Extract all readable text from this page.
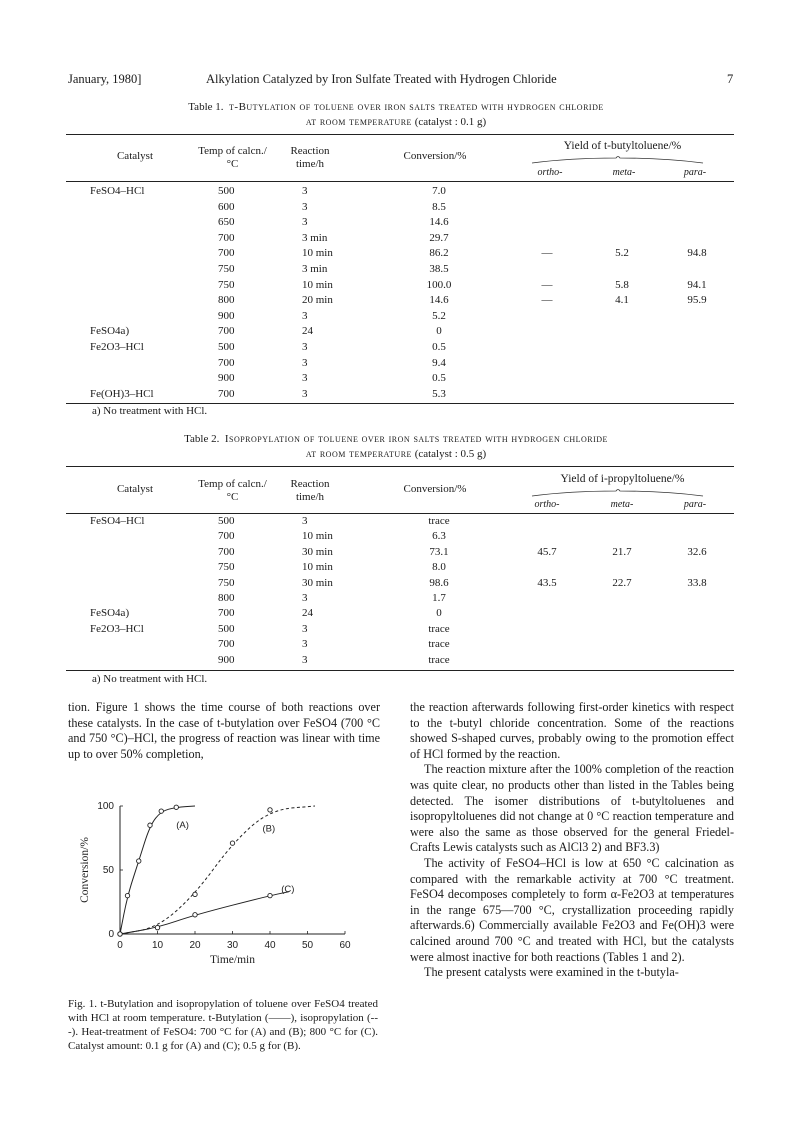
January, 1980]	Alkylation Catalyzed by Iron Sulfate Treated with Hydrogen Chloride	7
Table 1. t-Butylation of toluene over iron salts treated with hydrogen chloride
at room temperature (catalyst : 0.1 g)
Catalyst	Temp of calcn./°C
Reaction time/h
Conversion/%
Yield of t-butyltoluene/%
ortho-	meta-	para-
FeSO4–HCl	500	3	7.0
600	3	8.5
650	3	14.6
700	3 min	29.7
700	10 min	86.2	—	5.2	94.8
750	3 min	38.5
750	10 min	100.0	—	5.8	94.1
800	20 min	14.6	—	4.1	95.9
900	3	5.2
FeSO4a)	700	24	0
Fe2O3–HCl	500	3	0.5
700	3	9.4
900	3	0.5
Fe(OH)3–HCl	700	3	5.3
a) No treatment with HCl.
Table 2. Isopropylation of toluene over iron salts treated with hydrogen chloride
at room temperature (catalyst : 0.5 g)
Catalyst	Temp of calcn./°C
Reaction time/h
Conversion/%
Yield of i-propyltoluene/%
ortho-	meta-	para-
FeSO4–HCl	500	3	trace
700	10 min	6.3
700	30 min	73.1	45.7	21.7	32.6
750	10 min	8.0
750	30 min	98.6	43.5	22.7	33.8
800	3	1.7
FeSO4a)	700	24	0
Fe2O3–HCl	500	3	trace
700	3	trace
900	3	trace
a) No treatment with HCl.

tion. Figure 1 shows the time course of both reactions over these catalysts. In the case of t-butylation over FeSO4 (700 °C and 750 °C)–HCl, the progress of reaction was linear with time up to over 50% completion,

0	10	20	30	40	50	60
0
50
100
Time/min
Conversion/%
(A)	(B)
(C)
Fig. 1. t-Butylation and isopropylation of toluene over FeSO4 treated with HCl at room temperature. t-Butylation (——), isopropylation (---). Heat-treatment of FeSO4: 700 °C for (A) and (B); 800 °C for (C). Catalyst amount: 0.1 g for (A) and (C); 0.5 g for (B).

the reaction afterwards following first-order kinetics with respect to the t-butyl chloride concentration. Some of the reactions showed S-shaped curves, probably owing to the promotion effect of HCl formed by the reaction.

The reaction mixture after the 100% completion of the reaction was quite clear, no products other than listed in the Tables being detected. The isomer distributions of t-butyltoluenes and isopropyltoluenes did not change at 0 °C reaction temperature and were also the same as those observed for the general Friedel-Crafts Lewis catalysts such as AlCl3 2) and BF3.3)

The activity of FeSO4–HCl is low at 650 °C calcination as compared with the remarkable activity at 700 °C treatment. FeSO4 decomposes completely to form α-Fe2O3 at temperatures in the range 675—700 °C, crystallization proceeding rapidly afterwards.6) Commercially available Fe2O3 and Fe(OH)3 were calcined around 700 °C and treated with HCl, but the catalysts were almost inactive for both reactions (Tables 1 and 2).

The present catalysts were examined in the t-butyla-
